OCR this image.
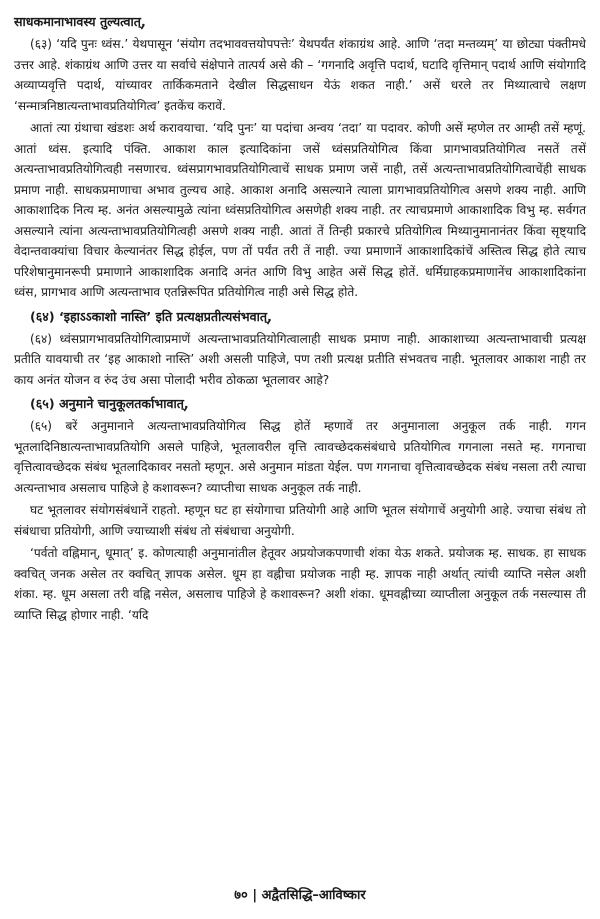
साधकमानाभावस्य तुल्यत्वात्,

(६३) ‘यदि पुनः ध्वंस.’ येथपासून ‘संयोग तदभाववत्तयोपपत्तेः’ येथपर्यंत शंकाग्रंथ आहे. आणि ‘तदा मन्तव्यम्’ या छोट्या पंक्तीमधे उत्तर आहे. शंकाग्रंथ आणि उत्तर या सर्वाचे संक्षेपाने तात्पर्य असे की – ‘गगनादि अवृत्ति पदार्थ, घटादि वृत्तिमान् पदार्थ आणि संयोगादि अव्याप्यवृत्ति पदार्थ, यांच्यावर तार्किकमताने देखील सिद्धसाधन येऊं शकत नाही.’ असें धरले तर मिथ्यात्वाचे लक्षण ‘सन्मात्रनिष्ठात्यन्ताभावप्रतियोगित्व’ इतकेंच करावें.

आतां त्या ग्रंथाचा खंडशः अर्थ करावयाचा. ‘यदि पुनः’ या पदांचा अन्वय ‘तदा’ या पदावर. कोणी असें म्हणेल तर आम्ही तसें म्हणूं. आतां ध्वंस. इत्यादि पंक्ति. आकाश काल इत्यादिकांना जसें ध्वंसप्रतियोगित्व किंवा प्रागभावप्रतियोगित्व नसतें तसें अत्यन्ताभावप्रतियोगित्वही नसणारच. ध्वंसप्रागभावप्रतियोगित्वाचें साधक प्रमाण जसें नाही, तसें अत्यन्ताभावप्रतियोगित्वाचेंही साधक प्रमाण नाही. साधकप्रमाणाचा अभाव तुल्यच आहे. आकाश अनादि असल्याने त्याला प्रागभावप्रतियोगित्व असणे शक्य नाही. आणि आकाशादिक नित्य म्ह. अनंत असल्यामुळे त्यांना ध्वंसप्रतियोगित्व असणेही शक्य नाही. तर त्याचप्रमाणे आकाशादिक विभु म्ह. सर्वगत असल्याने त्यांना अत्यन्ताभावप्रतियोगित्वही असणे शक्य नाही. आतां तें तिन्ही प्रकारचे प्रतियोगित्व मिथ्यानुमानानंतर किंवा सृष्ट्यादि वेदान्तवाक्यांचा विचार केल्यानंतर सिद्ध होईल, पण तों पर्यंत तरी तें नाही. ज्या प्रमाणानें आकाशादिकांचें अस्तित्व सिद्ध होते त्याच परिशेषानुमानरूपी प्रमाणाने आकाशादिक अनादि अनंत आणि विभु आहेत असें सिद्ध होतें. धर्मिग्राहकप्रमाणानेंच आकाशादिकांना ध्वंस, प्रागभाव आणि अत्यन्ताभाव एतन्निरूपित प्रतियोगित्व नाही असे सिद्ध होते.

(६४) ‘इहाऽऽकाशो नास्ति’ इति प्रत्यक्षप्रतीत्यसंभवात्,

(६४) ध्वंसप्रागभावप्रतियोगित्वाप्रमाणें अत्यन्ताभावप्रतियोगित्वालाही साधक प्रमाण नाही. आकाशाच्या अत्यन्ताभावाची प्रत्यक्ष प्रतीति यावयाची तर ‘इह आकाशो नास्ति’ अशी असली पाहिजे, पण तशी प्रत्यक्ष प्रतीति संभवतच नाही. भूतलावर आकाश नाही तर काय अनंत योजन व रुंद उंच असा पोलादी भरीव ठोकळा भूतलावर आहे?

(६५) अनुमाने चानुकूलतर्काभावात्,

(६५) बरें अनुमानाने अत्यन्ताभावप्रतियोगित्व सिद्ध होतें म्हणावें तर अनुमानाला अनुकूल तर्क नाही. गगन भूतलादिनिष्ठात्यन्ताभावप्रतियोगि असले पाहिजे, भूतलावरील वृत्ति त्वावच्छेदकसंबंधाचे प्रतियोगित्व गगनाला नसते म्ह. गगनाचा वृत्तित्वावच्छेदक संबंध भूतलादिकावर नसतो म्हणून. असे अनुमान मांडता येईल. पण गगनाचा वृत्तित्वावच्छेदक संबंध नसला तरी त्याचा अत्यन्ताभाव असलाच पाहिजे हे कशावरून? व्याप्तीचा साधक अनुकूल तर्क नाही.

घट भूतलावर संयोगसंबंधानें राहतो. म्हणून घट हा संयोगाचा प्रतियोगी आहे आणि भूतल संयोगाचें अनुयोगी आहे. ज्याचा संबंध तो संबंधाचा प्रतियोगी, आणि ज्याच्याशी संबंध तो संबंधाचा अनुयोगी.

‘पर्वतो वह्निमान्, धूमात्’ इ. कोणत्याही अनुमानांतील हेतूवर अप्रयोजकपणाची शंका येऊ शकते. प्रयोजक म्ह. साधक. हा साधक क्वचित् जनक असेल तर क्वचित् ज्ञापक असेल. धूम हा वह्नीचा प्रयोजक नाही म्ह. ज्ञापक नाही अर्थात् त्यांची व्याप्ति नसेल अशी शंका. म्ह. धूम असला तरी वह्नि नसेल, असलाच पाहिजे हे कशावरून? अशी शंका. धूमवह्नीच्या व्याप्तीला अनुकूल तर्क नसल्यास ती व्याप्ति सिद्ध होणार नाही. ‘यदि

७० | अद्वैतसिद्धि–आविष्कार
